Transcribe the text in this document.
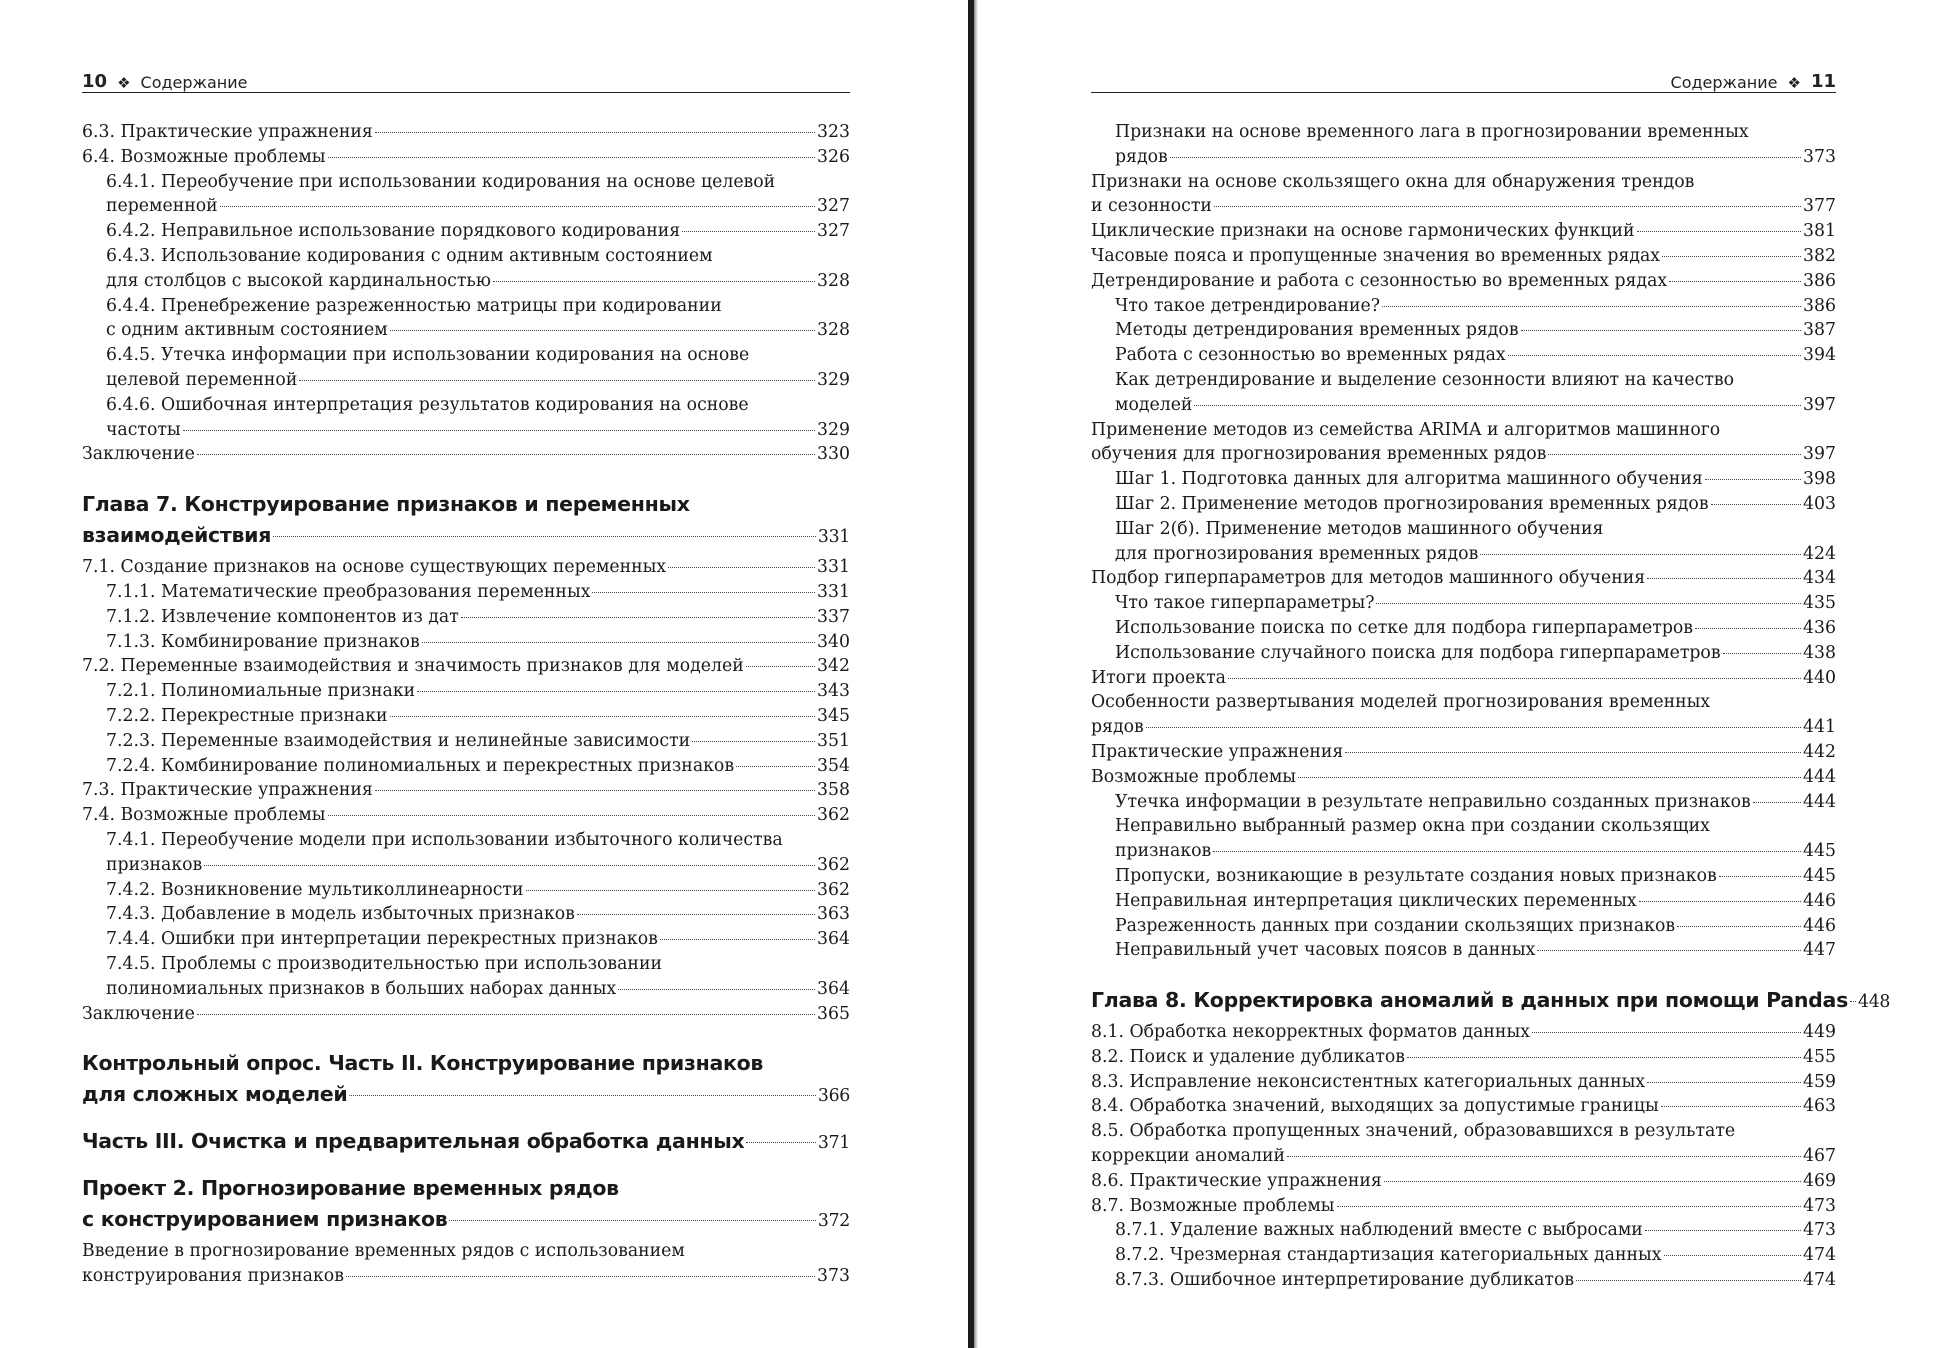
10 ❖ Содержание
6.3. Практические упражнения	323
6.4. Возможные проблемы	326
6.4.1. Переобучение при использовании кодирования на основе целевой
переменной	327
6.4.2. Неправильное использование порядкового кодирования	327
6.4.3. Использование кодирования с одним активным состоянием
для столбцов с высокой кардинальностью	328
6.4.4. Пренебрежение разреженностью матрицы при кодировании
с одним активным состоянием	328
6.4.5. Утечка информации при использовании кодирования на основе
целевой переменной	329
6.4.6. Ошибочная интерпретация результатов кодирования на основе
частоты	329
Заключение	330
Глава 7. Конструирование признаков и переменных
взаимодействия	331
7.1. Создание признаков на основе существующих переменных	331
7.1.1. Математические преобразования переменных	331
7.1.2. Извлечение компонентов из дат	337
7.1.3. Комбинирование признаков	340
7.2. Переменные взаимодействия и значимость признаков для моделей	342
7.2.1. Полиномиальные признаки	343
7.2.2. Перекрестные признаки	345
7.2.3. Переменные взаимодействия и нелинейные зависимости	351
7.2.4. Комбинирование полиномиальных и перекрестных признаков	354
7.3. Практические упражнения	358
7.4. Возможные проблемы	362
7.4.1. Переобучение модели при использовании избыточного количества
признаков	362
7.4.2. Возникновение мультиколлинеарности	362
7.4.3. Добавление в модель избыточных признаков	363
7.4.4. Ошибки при интерпретации перекрестных признаков	364
7.4.5. Проблемы с производительностью при использовании
полиномиальных признаков в больших наборах данных	364
Заключение	365
Контрольный опрос. Часть II. Конструирование признаков
для сложных моделей	366
Часть III. Очистка и предварительная обработка данных	371
Проект 2. Прогнозирование временных рядов
с конструированием признаков	372
Введение в прогнозирование временных рядов с использованием
конструирования признаков	373
Содержание ❖ 11
Признаки на основе временного лага в прогнозировании временных
рядов	373
Признаки на основе скользящего окна для обнаружения трендов
и сезонности	377
Циклические признаки на основе гармонических функций	381
Часовые пояса и пропущенные значения во временных рядах	382
Детрендирование и работа с сезонностью во временных рядах	386
Что такое детрендирование?	386
Методы детрендирования временных рядов	387
Работа с сезонностью во временных рядах	394
Как детрендирование и выделение сезонности влияют на качество
моделей	397
Применение методов из семейства ARIMA и алгоритмов машинного
обучения для прогнозирования временных рядов	397
Шаг 1. Подготовка данных для алгоритма машинного обучения	398
Шаг 2. Применение методов прогнозирования временных рядов	403
Шаг 2(б). Применение методов машинного обучения
для прогнозирования временных рядов	424
Подбор гиперпараметров для методов машинного обучения	434
Что такое гиперпараметры?	435
Использование поиска по сетке для подбора гиперпараметров	436
Использование случайного поиска для подбора гиперпараметров	438
Итоги проекта	440
Особенности развертывания моделей прогнозирования временных
рядов	441
Практические упражнения	442
Возможные проблемы	444
Утечка информации в результате неправильно созданных признаков	444
Неправильно выбранный размер окна при создании скользящих
признаков	445
Пропуски, возникающие в результате создания новых признаков	445
Неправильная интерпретация циклических переменных	446
Разреженность данных при создании скользящих признаков	446
Неправильный учет часовых поясов в данных	447
Глава 8. Корректировка аномалий в данных при помощи Pandas 448
8.1. Обработка некорректных форматов данных	449
8.2. Поиск и удаление дубликатов	455
8.3. Исправление неконсистентных категориальных данных	459
8.4. Обработка значений, выходящих за допустимые границы	463
8.5. Обработка пропущенных значений, образовавшихся в результате
коррекции аномалий	467
8.6. Практические упражнения	469
8.7. Возможные проблемы	473
8.7.1. Удаление важных наблюдений вместе с выбросами	473
8.7.2. Чрезмерная стандартизация категориальных данных	474
8.7.3. Ошибочное интерпретирование дубликатов	474
